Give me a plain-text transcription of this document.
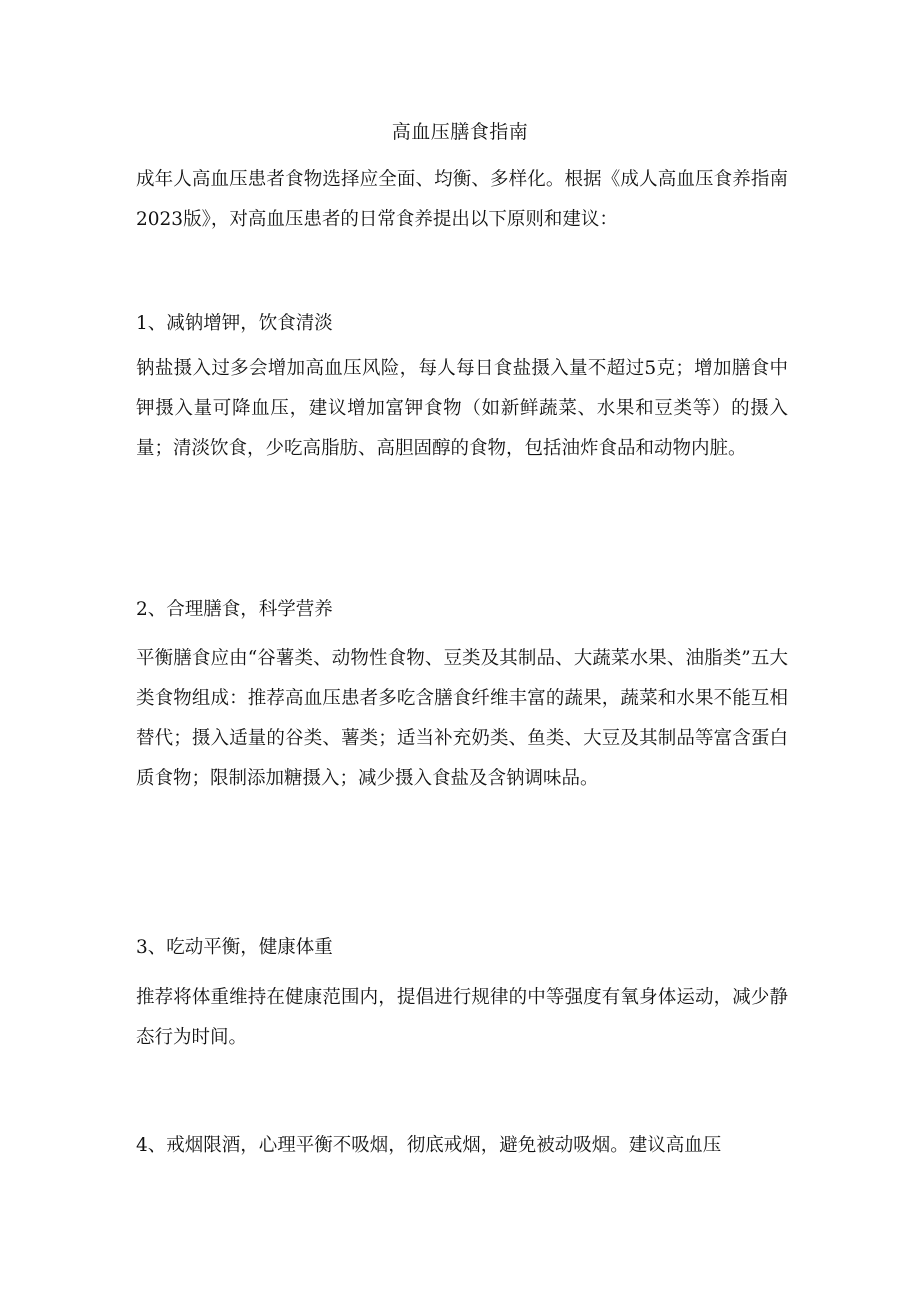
高血压膳食指南

成年人高血压患者食物选择应全面、均衡、多样化。根据《成人高血压食养指南2023版》，对高血压患者的日常食养提出以下原则和建议：

1、减钠增钾，饮食清淡

钠盐摄入过多会增加高血压风险，每人每日食盐摄入量不超过5克；增加膳食中钾摄入量可降血压，建议增加富钾食物（如新鲜蔬菜、水果和豆类等）的摄入量；清淡饮食，少吃高脂肪、高胆固醇的食物，包括油炸食品和动物内脏。

2、合理膳食，科学营养

平衡膳食应由“谷薯类、动物性食物、豆类及其制品、大蔬菜水果、油脂类”五大类食物组成：推荐高血压患者多吃含膳食纤维丰富的蔬果，蔬菜和水果不能互相替代；摄入适量的谷类、薯类；适当补充奶类、鱼类、大豆及其制品等富含蛋白质食物；限制添加糖摄入；减少摄入食盐及含钠调味品。

3、吃动平衡，健康体重

推荐将体重维持在健康范围内，提倡进行规律的中等强度有氧身体运动，减少静态行为时间。

4、戒烟限酒，心理平衡不吸烟，彻底戒烟，避免被动吸烟。建议高血压
